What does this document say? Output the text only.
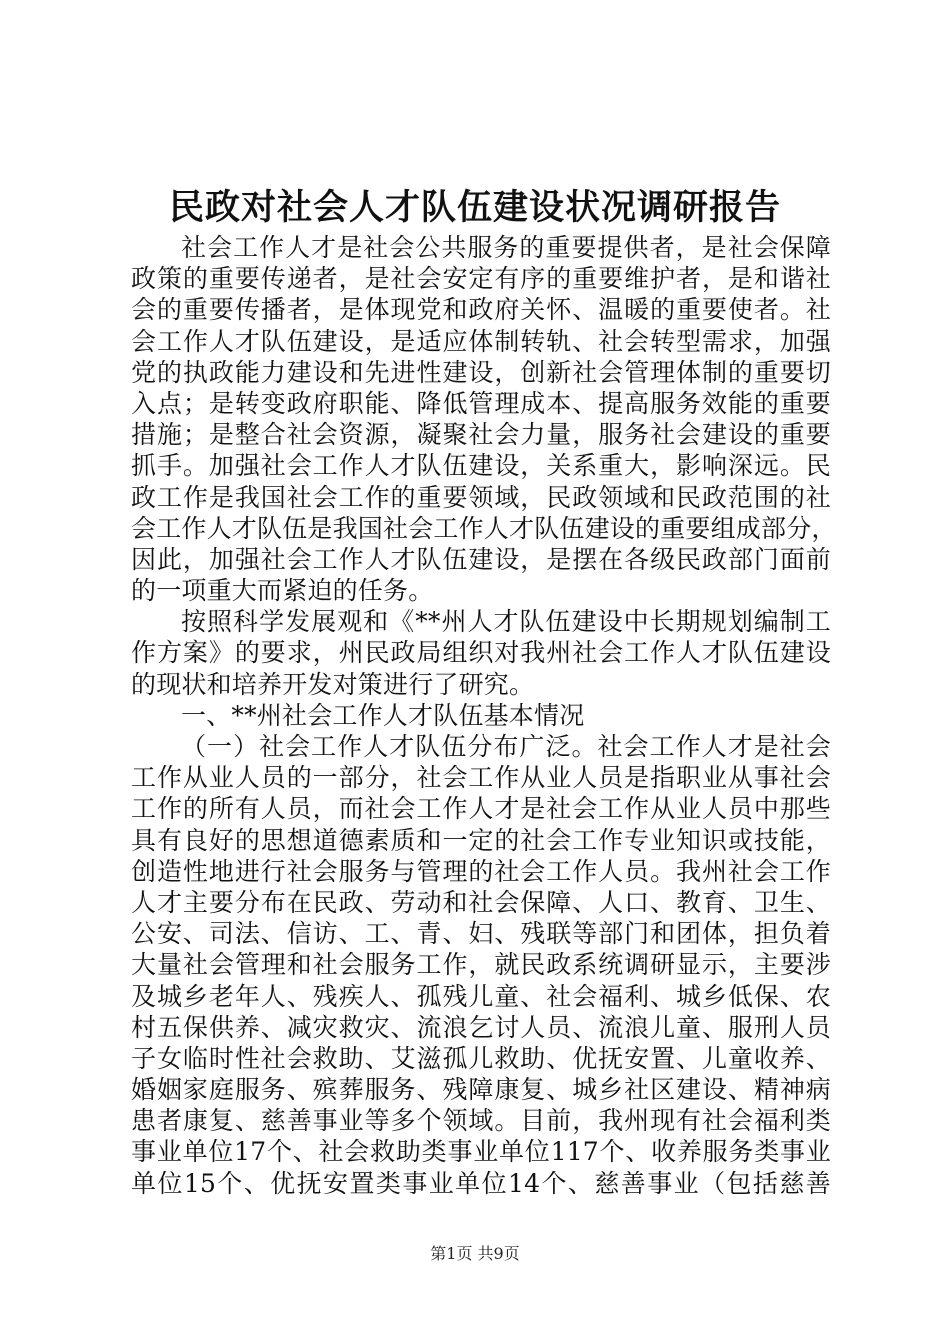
民政对社会人才队伍建设状况调研报告
社会工作人才是社会公共服务的重要提供者，是社会保障
政策的重要传递者，是社会安定有序的重要维护者，是和谐社
会的重要传播者，是体现党和政府关怀、温暖的重要使者。社
会工作人才队伍建设，是适应体制转轨、社会转型需求，加强
党的执政能力建设和先进性建设，创新社会管理体制的重要切
入点；是转变政府职能、降低管理成本、提高服务效能的重要
措施；是整合社会资源，凝聚社会力量，服务社会建设的重要
抓手。加强社会工作人才队伍建设，关系重大，影响深远。民
政工作是我国社会工作的重要领域，民政领域和民政范围的社
会工作人才队伍是我国社会工作人才队伍建设的重要组成部分，
因此，加强社会工作人才队伍建设，是摆在各级民政部门面前
的一项重大而紧迫的任务。
按照科学发展观和《**州人才队伍建设中长期规划编制工
作方案》的要求，州民政局组织对我州社会工作人才队伍建设
的现状和培养开发对策进行了研究。
一、**州社会工作人才队伍基本情况
（一）社会工作人才队伍分布广泛。社会工作人才是社会
工作从业人员的一部分，社会工作从业人员是指职业从事社会
工作的所有人员，而社会工作人才是社会工作从业人员中那些
具有良好的思想道德素质和一定的社会工作专业知识或技能，
创造性地进行社会服务与管理的社会工作人员。我州社会工作
人才主要分布在民政、劳动和社会保障、人口、教育、卫生、
公安、司法、信访、工、青、妇、残联等部门和团体，担负着
大量社会管理和社会服务工作，就民政系统调研显示，主要涉
及城乡老年人、残疾人、孤残儿童、社会福利、城乡低保、农
村五保供养、减灾救灾、流浪乞讨人员、流浪儿童、服刑人员
子女临时性社会救助、艾滋孤儿救助、优抚安置、儿童收养、
婚姻家庭服务、殡葬服务、残障康复、城乡社区建设、精神病
患者康复、慈善事业等多个领域。目前，我州现有社会福利类
事业单位17个、社会救助类事业单位117个、收养服务类事业
单位15个、优抚安置类事业单位14个、慈善事业（包括慈善
第1页 共9页
